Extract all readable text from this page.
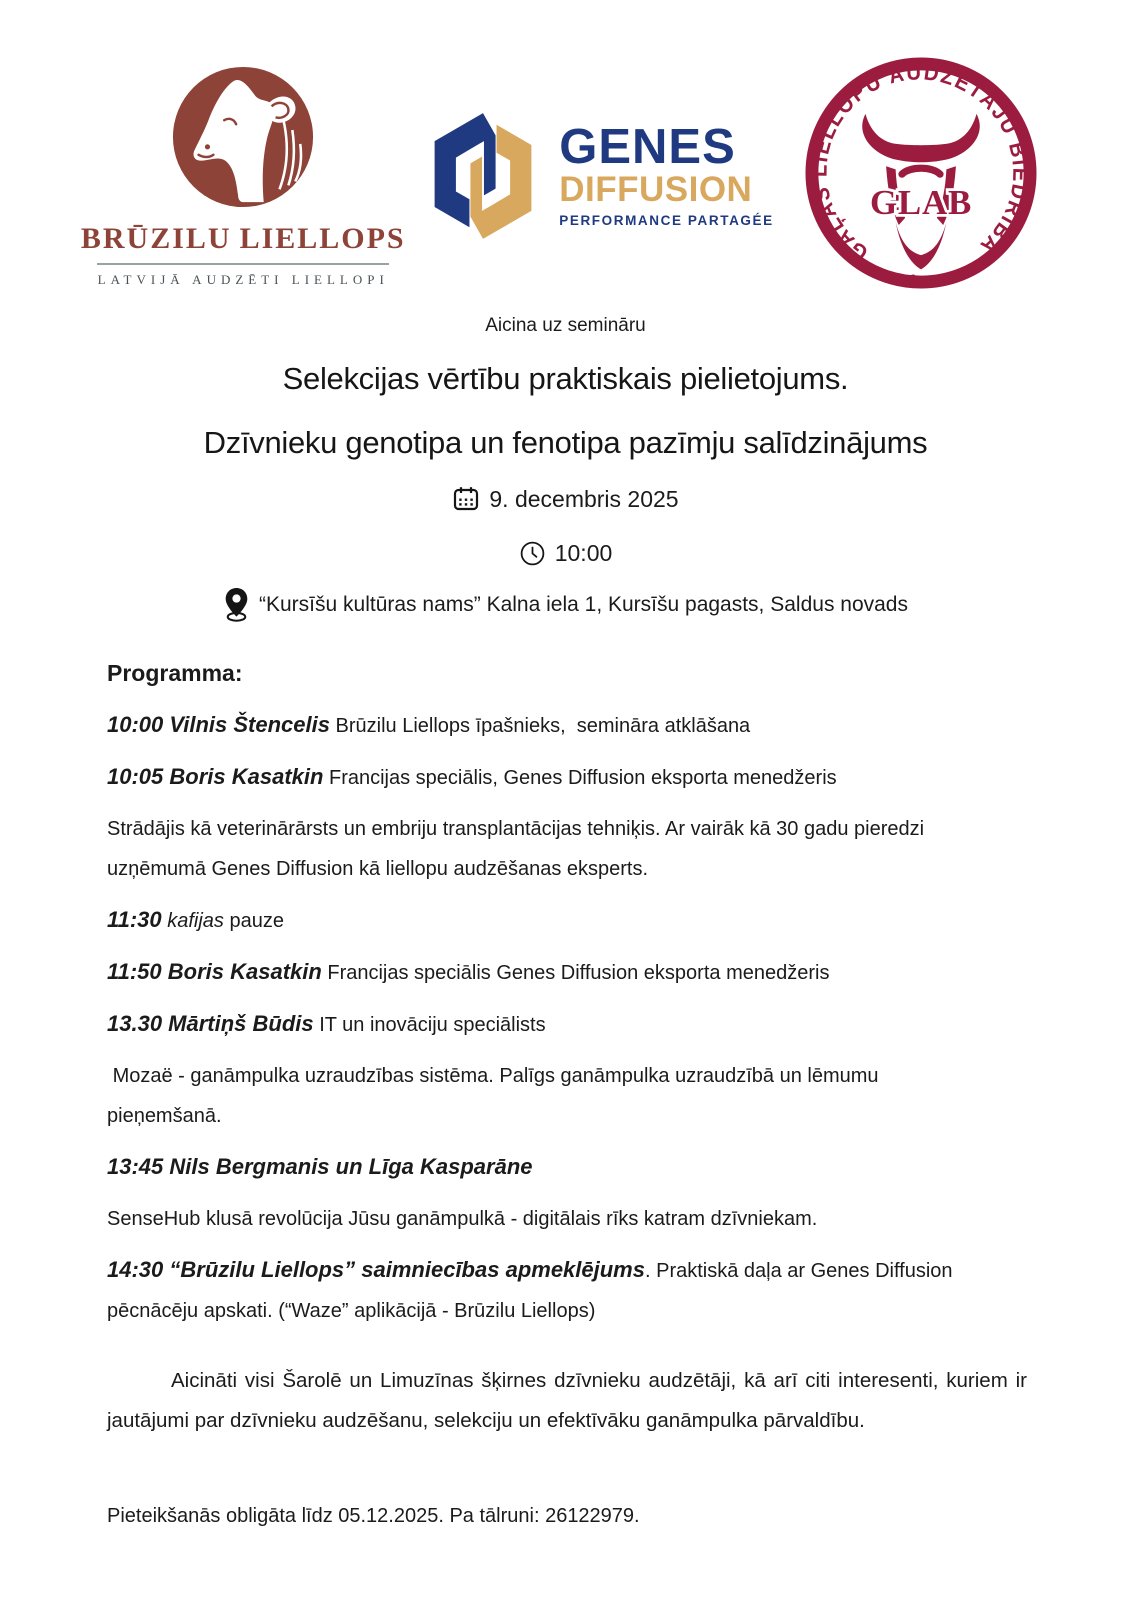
BRŪZILU LIELLOPS
LATVIJĀ AUDZĒTI LIELLOPI
GENES
DIFFUSION
PERFORMANCE PARTAGÉE
GAĻAS LIELLOPU AUDZĒTĀJU BIEDRĪBA
GLAB
Aicina uz semināru
Selekcijas vērtību praktiskais pielietojums.
Dzīvnieku genotipa un fenotipa pazīmju salīdzinājums
9. decembris 2025
10:00
“Kursīšu kultūras nams” Kalna iela 1, Kursīšu pagasts, Saldus novads

Programma:

10:00 Vilnis Štencelis Brūzilu Liellops īpašnieks,  semināra atklāšana

10:05 Boris Kasatkin Francijas speciālis, Genes Diffusion eksporta menedžeris

Strādājis kā veterinārārsts un embriju transplantācijas tehniķis. Ar vairāk kā 30 gadu pieredzi uzņēmumā Genes Diffusion kā liellopu audzēšanas eksperts.

11:30 kafijas pauze

11:50 Boris Kasatkin Francijas speciālis Genes Diffusion eksporta menedžeris

13.30 Mārtiņš Būdis IT un inovāciju speciālists

Mozaë - ganāmpulka uzraudzības sistēma. Palīgs ganāmpulka uzraudzībā un lēmumu pieņemšanā.

13:45 Nils Bergmanis un Līga Kasparāne

SenseHub klusā revolūcija Jūsu ganāmpulkā - digitālais rīks katram dzīvniekam.

14:30 “Brūzilu Liellops” saimniecības apmeklējums. Praktiskā daļa ar Genes Diffusion pēcnācēju apskati. (“Waze” aplikācijā - Brūzilu Liellops)

Aicināti visi Šarolē un Limuzīnas šķirnes dzīvnieku audzētāji, kā arī citi interesenti, kuriem ir jautājumi par dzīvnieku audzēšanu, selekciju un efektīvāku ganāmpulka pārvaldību.

Pieteikšanās obligāta līdz 05.12.2025. Pa tālruni: 26122979.
